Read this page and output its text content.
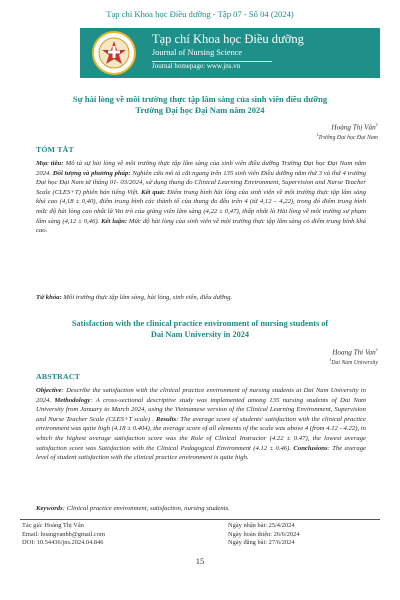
Tạp chí Khoa học Điều dưỡng - Tập 07 - Số 04 (2024)
Tạp chí Khoa học Điều dưỡng
Journal of Nursing Science
Journal homepage: www.jns.vn
Sự hài lòng về môi trường thực tập lâm sàng của sinh viên điều dưỡng
Trường Đại học Đại Nam năm 2024
Hoàng Thị Vân$^1$
$^1$Trường Đại học Đại Nam
TÓM TẮT
Mục tiêu: Mô tả sự hài lòng về môi trường thực tập lâm sàng của sinh viên điều dưỡng Trường Đại học Đại Nam năm 2024. Đối tượng và phương pháp: Nghiên cứu mô tả cắt ngang trên 135 sinh viên Điều dưỡng năm thứ 3 và thứ 4 trường Đại học Đại Nam từ tháng 01- 03/2024, sử dụng thang đo Clinical Learning Environment, Supervision and Nurse Teacher Scale (CLES+T) phiên bản tiếng Việt. Kết quả: Điểm trung bình hài lòng của sinh viên về môi trường thực tập lâm sàng khá cao (4,18 ± 0,40), điểm trung bình các thành tố của thang đo đều trên 4 (từ 4,12 – 4,22), trong đó điểm trung bình mức độ hài lòng cao nhất là Vai trò của giảng viên lâm sàng (4,22 ± 0,47), thấp nhất là Hài lòng về môi trường sư phạm lâm sàng (4,12 ± 0,46). Kết luận: Mức độ hài lòng của sinh viên về môi trường thực tập lâm sàng có điểm trung bình khá cao.
Từ khóa: Môi trường thực tập lâm sàng, hài lòng, sinh viên, điều dưỡng.
Satisfaction with the clinical practice environment of nursing students of
Dai Nam University in 2024
Hoang Thi Van$^1$
$^1$Dai Nam University
ABSTRACT
Objective: Describe the satisfaction with the clinical practice environment of nursing students at Dai Nam University in 2024. Methodology: A cross-sectional descriptive study was implemented among 135 nursing students of Dai Nam University from January to March 2024, using the Vietnamese version of the Clinical Learning Environment, Supervision and Nurse Teacher Scale (CLES+T scale) . Results: The average score of students' satisfaction with the clinical practice environment was quite high (4.18 ± 0.404), the average score of all elements of the scale was above 4 (from 4.12 - 4.22), in which the highest average satisfaction score was the Role of Clinical Instructor (4.22 ± 0.47), the lowest average satisfaction score was Satisfaction with the Clinical Pedagogical Environment (4.12 ± 0.46). Conclusions: The average level of student satisfaction with the clinical practice environment is quite high.
Keywords: Clinical practice environment, satisfaction, nursing students.
Tác giả: Hoàng Thị Vân
Email: hoangvanhb@gmail.com
DOI: 10.54436/jns.2024.04.846
Ngày nhận bài: 25/4/2024
Ngày hoàn thiện: 26/6/2024
Ngày đăng bài: 27/6/2024
15
